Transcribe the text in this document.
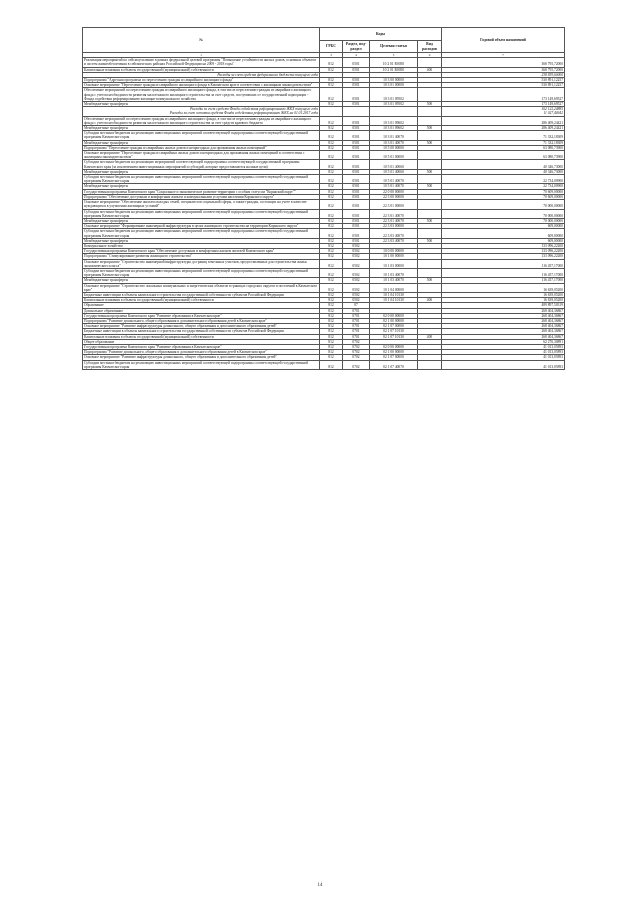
№	Коды				Годовой объем назначений
	ГРБС	Раздел, под-раздел	Целевая статья	Вид расходов	
1	3	4	5	6	7
Реализация мероприятий по сейсмоусилению в рамках федеральной целевой программы "Повышение устойчивости жилых домов, основных объектов и систем жизнеобеспечения в сейсмических районах Российской Федерации на 2009 - 2018 годы"	812	0501	10 2 01 R0050		368 795,72000
Капитальные вложения в объекты государственной (муниципальной) собственности	812	0501	10 2 01 R0050	400	368 795,72000
Расходы за счет средств федерального бюджета текущего года					238 839,60000
Подпрограмма "Адресная программа по переселению граждан из аварийного жилищного фонда"	812	0501	10 3 00 00000		530 891,12257
Основное мероприятие "Переселение граждан из аварийного жилищного фонда в Камчатском крае в соответствии с жилищным законодательством"	812	0501	10 3 01 00000		530 891,12257
Обеспечение мероприятий по переселению граждан из аварийного жилищного фонда, в том числе переселению граждан из аварийного жилищного фонда с учетом необходимости развития малоэтажного жилищного строительства за счет средств, поступивших от государственной корпорации - Фонда содействия реформированию жилищно-коммунального хозяйства	812	0501	10 3 01 09502		173 149,69527
Межбюджетные трансферты	812	0501	10 3 01 09502	500	173 149,69527
Расходы за счет средств Фонда содействия реформированию ЖКХ текущего года					162 122,24885
Расходы за счет остатка средств Фонда содействия реформированию ЖКХ на 01.01.2017 года					11 027,44642
Обеспечение мероприятий по переселению граждан из аварийного жилищного фонда, в том числе переселению граждан из аварийного жилищного фонда с учетом необходимости развития малоэтажного жилищного строительства за счет средств краевого бюджета	812	0501	10 3 01 09602		286 409,24421
Межбюджетные трансферты	812	0501	10 3 01 09602	500	286 409,24421
Субсидии местным бюджетам на реализацию инвестиционных мероприятий соответствующей подпрограммы соответствующей государственной программы Камчатского края	812	0501	10 3 01 40070		71 332,18309
Межбюджетные трансферты	812	0501	10 3 01 40070	500	71 332,18309
Подпрограмма "Переселение граждан из аварийных жилых домов и непригодных для проживания жилых помещений"	812	0501	10 5 00 00000		63 080,73900
Основное мероприятие "Переселение граждан из аварийных жилых домов и непригодных для проживания жилых помещений в соответствии с жилищным законодательством"	812	0501	10 5 01 00000		63 080,73900
Субсидии местным бюджетам на реализацию мероприятий соответствующей подпрограммы соответствующей государственной программы Камчатского края (за исключением инвестиционных мероприятий и субсидий, которые предоставляются на иные цели)	812	0501	10 5 01 40060		40 346,73000
Межбюджетные трансферты	812	0501	10 5 01 40060	500	40 346,73000
Субсидии местным бюджетам на реализацию инвестиционных мероприятий соответствующей подпрограммы соответствующей государственной программы Камчатского края	812	0501	10 5 01 40070		22 734,00900
Межбюджетные трансферты	812	0501	10 5 01 40070	500	22 734,00900
Государственная программа Камчатского края "Социальное и экономическое развитие территории с особым статусом "Корякский округ""	812	0501	22 0 00 00000		70 609,00000
Подпрограмма "Обеспечение доступным и комфортным жильем и коммунальными услугами населения Корякского округа"	812	0501	22 3 00 00000		70 609,00000
Основное мероприятие "Обеспечение жильем молодых семей, специалистов социальной сферы, а также граждан, состоящих на учете в качестве нуждающихся в улучшении жилищных условий"	812	0501	22 3 01 00000		70 000,00000
Субсидии местным бюджетам на реализацию инвестиционных мероприятий соответствующей подпрограммы соответствующей государственной программы Камчатского края	812	0501	22 3 01 40070		70 000,00000
Межбюджетные трансферты	812	0501	22 3 01 40070	500	70 000,00000
Основное мероприятие "Формирование инженерной инфраструктуры в целях жилищного строительства на территории Корякского округа"	812	0501	22 3 03 00000		609,00000
Субсидии местным бюджетам на реализацию инвестиционных мероприятий соответствующей подпрограммы соответствующей государственной программы Камчатского края	812	0501	22 3 03 40070		609,00000
Межбюджетные трансферты	812	0501	22 3 03 40070	500	609,00000
Коммунальное хозяйство	812	0502			133 096,22200
Государственная программа Камчатского края "Обеспечение доступным и комфортным жильем жителей Камчатского края"	812	0502	10 0 00 00000		133 096,22200
Подпрограмма "Стимулирование развития жилищного строительства"	812	0502	10 1 00 00000		133 096,22200
Основное мероприятие "Строительство инженерной инфраструктуры до границ земельных участков, предоставленных для строительства жилья экономического класса"	812	0502	10 1 03 00000		116 457,17000
Субсидии местным бюджетам на реализацию инвестиционных мероприятий соответствующей подпрограммы соответствующей государственной программы Камчатского края	812	0502	10 1 03 40070		116 457,17000
Межбюджетные трансферты	812	0502	10 1 03 40070	500	116 457,17000
Основное мероприятие "Строительство локальных коммунальных и энергетических объектов в границах городских округов и поселений в Камчатском крае"	812	0502	10 1 04 00000		16 639,05200
Бюджетные инвестиции в объекты капитального строительства государственной собственности субъектов Российской Федерации	812	0502	10 1 04 10130		16 639,05200
Капитальные вложения в объекты государственной (муниципальной) собственности	812	0502	10 1 04 10130	400	16 639,05200
Образование	812	07			489 897,50319
Дошкольное образование	812	0701			268 404,36867
Государственная программа Камчатского края "Развитие образования в Камчатском крае"	812	0701	02 0 00 00000		268 404,36867
Подпрограмма "Развитие дошкольного, общего образования и дополнительного образования детей в Камчатском крае"	812	0701	02 1 00 00000		268 404,36867
Основное мероприятие "Развитие инфраструктуры дошкольного, общего образования и дополнительного образования детей"	812	0701	02 1 07 00000		268 404,36867
Бюджетные инвестиции в объекты капитального строительства государственной собственности субъектов Российской Федерации	812	0701	02 1 07 10130		268 404,36867
Капитальные вложения в объекты государственной (муниципальной) собственности	812	0701	02 1 07 10130	400	268 404,36867
Общее образование	812	0702			62 276,30891
Государственная программа Камчатского края "Развитие образования в Камчатском крае"	812	0702	02 0 00 00000		41 013,05893
Подпрограмма "Развитие дошкольного, общего образования и дополнительного образования детей в Камчатском крае"	812	0702	02 1 00 00000		41 013,05893
Основное мероприятие "Развитие инфраструктуры дошкольного, общего образования и дополнительного образования детей"	812	0702	02 1 07 00000		41 013,05893
Субсидии местным бюджетам на реализацию инвестиционных мероприятий соответствующей подпрограммы соответствующей государственной программы Камчатского края	812	0702	02 1 07 40070		41 013,05893
14
